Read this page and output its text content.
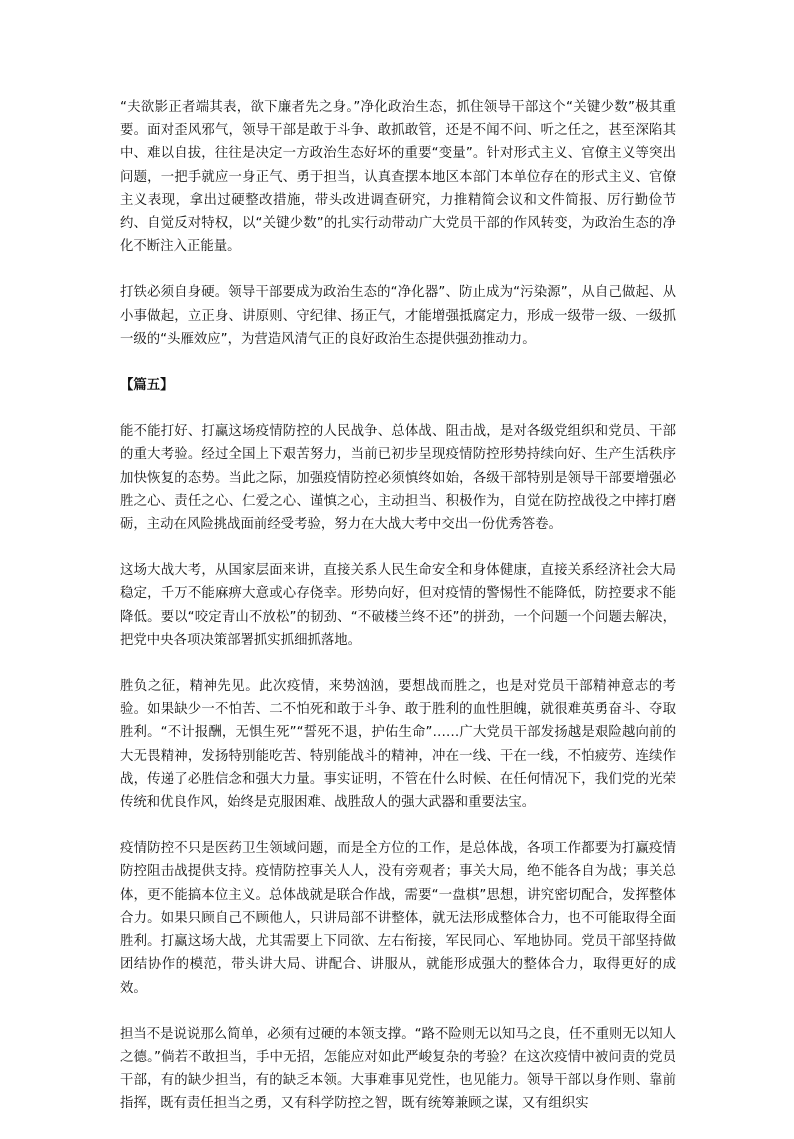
“夫欲影正者端其表，欲下廉者先之身。”净化政治生态，抓住领导干部这个“关键少数”极其重要。面对歪风邪气，领导干部是敢于斗争、敢抓敢管，还是不闻不问、听之任之，甚至深陷其中、难以自拔，往往是决定一方政治生态好坏的重要“变量”。针对形式主义、官僚主义等突出问题，一把手就应一身正气、勇于担当，认真查摆本地区本部门本单位存在的形式主义、官僚主义表现，拿出过硬整改措施，带头改进调查研究，力推精简会议和文件简报、厉行勤俭节约、自觉反对特权，以“关键少数”的扎实行动带动广大党员干部的作风转变，为政治生态的净化不断注入正能量。

打铁必须自身硬。领导干部要成为政治生态的“净化器”、防止成为“污染源”，从自己做起、从小事做起，立正身、讲原则、守纪律、扬正气，才能增强抵腐定力，形成一级带一级、一级抓一级的“头雁效应”，为营造风清气正的良好政治生态提供强劲推动力。

【篇五】

能不能打好、打赢这场疫情防控的人民战争、总体战、阻击战，是对各级党组织和党员、干部的重大考验。经过全国上下艰苦努力，当前已初步呈现疫情防控形势持续向好、生产生活秩序加快恢复的态势。当此之际，加强疫情防控必须慎终如始，各级干部特别是领导干部要增强必胜之心、责任之心、仁爱之心、谨慎之心，主动担当、积极作为，自觉在防控战役之中摔打磨砺，主动在风险挑战面前经受考验，努力在大战大考中交出一份优秀答卷。

这场大战大考，从国家层面来讲，直接关系人民生命安全和身体健康，直接关系经济社会大局稳定，千万不能麻痹大意或心存侥幸。形势向好，但对疫情的警惕性不能降低，防控要求不能降低。要以“咬定青山不放松”的韧劲、“不破楼兰终不还”的拼劲，一个问题一个问题去解决，把党中央各项决策部署抓实抓细抓落地。

胜负之征，精神先见。此次疫情，来势汹汹，要想战而胜之，也是对党员干部精神意志的考验。如果缺少一不怕苦、二不怕死和敢于斗争、敢于胜利的血性胆魄，就很难英勇奋斗、夺取胜利。“不计报酬，无惧生死”“誓死不退，护佑生命”……广大党员干部发扬越是艰险越向前的大无畏精神，发扬特别能吃苦、特别能战斗的精神，冲在一线、干在一线，不怕疲劳、连续作战，传递了必胜信念和强大力量。事实证明，不管在什么时候、在任何情况下，我们党的光荣传统和优良作风，始终是克服困难、战胜敌人的强大武器和重要法宝。

疫情防控不只是医药卫生领域问题，而是全方位的工作，是总体战，各项工作都要为打赢疫情防控阻击战提供支持。疫情防控事关人人，没有旁观者；事关大局，绝不能各自为战；事关总体，更不能搞本位主义。总体战就是联合作战，需要“一盘棋”思想，讲究密切配合，发挥整体合力。如果只顾自己不顾他人，只讲局部不讲整体，就无法形成整体合力，也不可能取得全面胜利。打赢这场大战，尤其需要上下同欲、左右衔接，军民同心、军地协同。党员干部坚持做团结协作的模范，带头讲大局、讲配合、讲服从，就能形成强大的整体合力，取得更好的成效。

担当不是说说那么简单，必须有过硬的本领支撑。“路不险则无以知马之良，任不重则无以知人之德。”倘若不敢担当，手中无招，怎能应对如此严峻复杂的考验？在这次疫情中被问责的党员干部，有的缺少担当，有的缺乏本领。大事难事见党性，也见能力。领导干部以身作则、靠前指挥，既有责任担当之勇，又有科学防控之智，既有统筹兼顾之谋，又有组织实
